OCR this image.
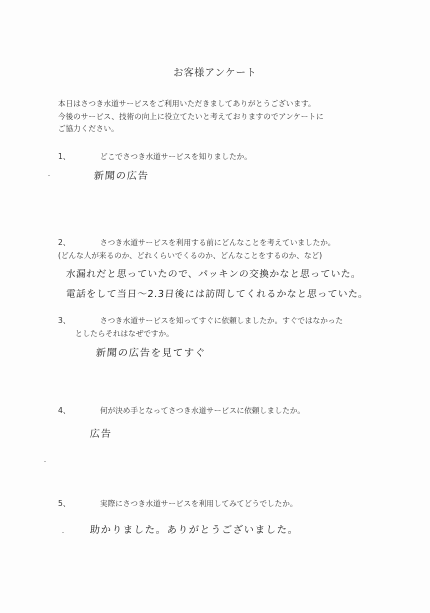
お客様アンケート
本日はさつき水道サービスをご利用いただきましてありがとうございます。
今後のサービス、技術の向上に役立てたいと考えておりますのでアンケートに
ご協力ください。
1、	どこでさつき水道サービスを知りましたか。
新聞の広告
2、	さつき水道サービスを利用する前にどんなことを考えていましたか。
(どんな人が来るのか、どれくらいでくるのか、どんなことをするのか、など)
水漏れだと思っていたので、パッキンの交換かなと思っていた。
電話をして当日〜2.3日後には訪問してくれるかなと思っていた。
3、	さつき水道サービスを知ってすぐに依頼しましたか。すぐではなかった
としたらそれはなぜですか。
新聞の広告を見てすぐ
4、	何が決め手となってさつき水道サービスに依頼しましたか。
広告
5、	実際にさつき水道サービスを利用してみてどうでしたか。
助かりました。ありがとうございました。
